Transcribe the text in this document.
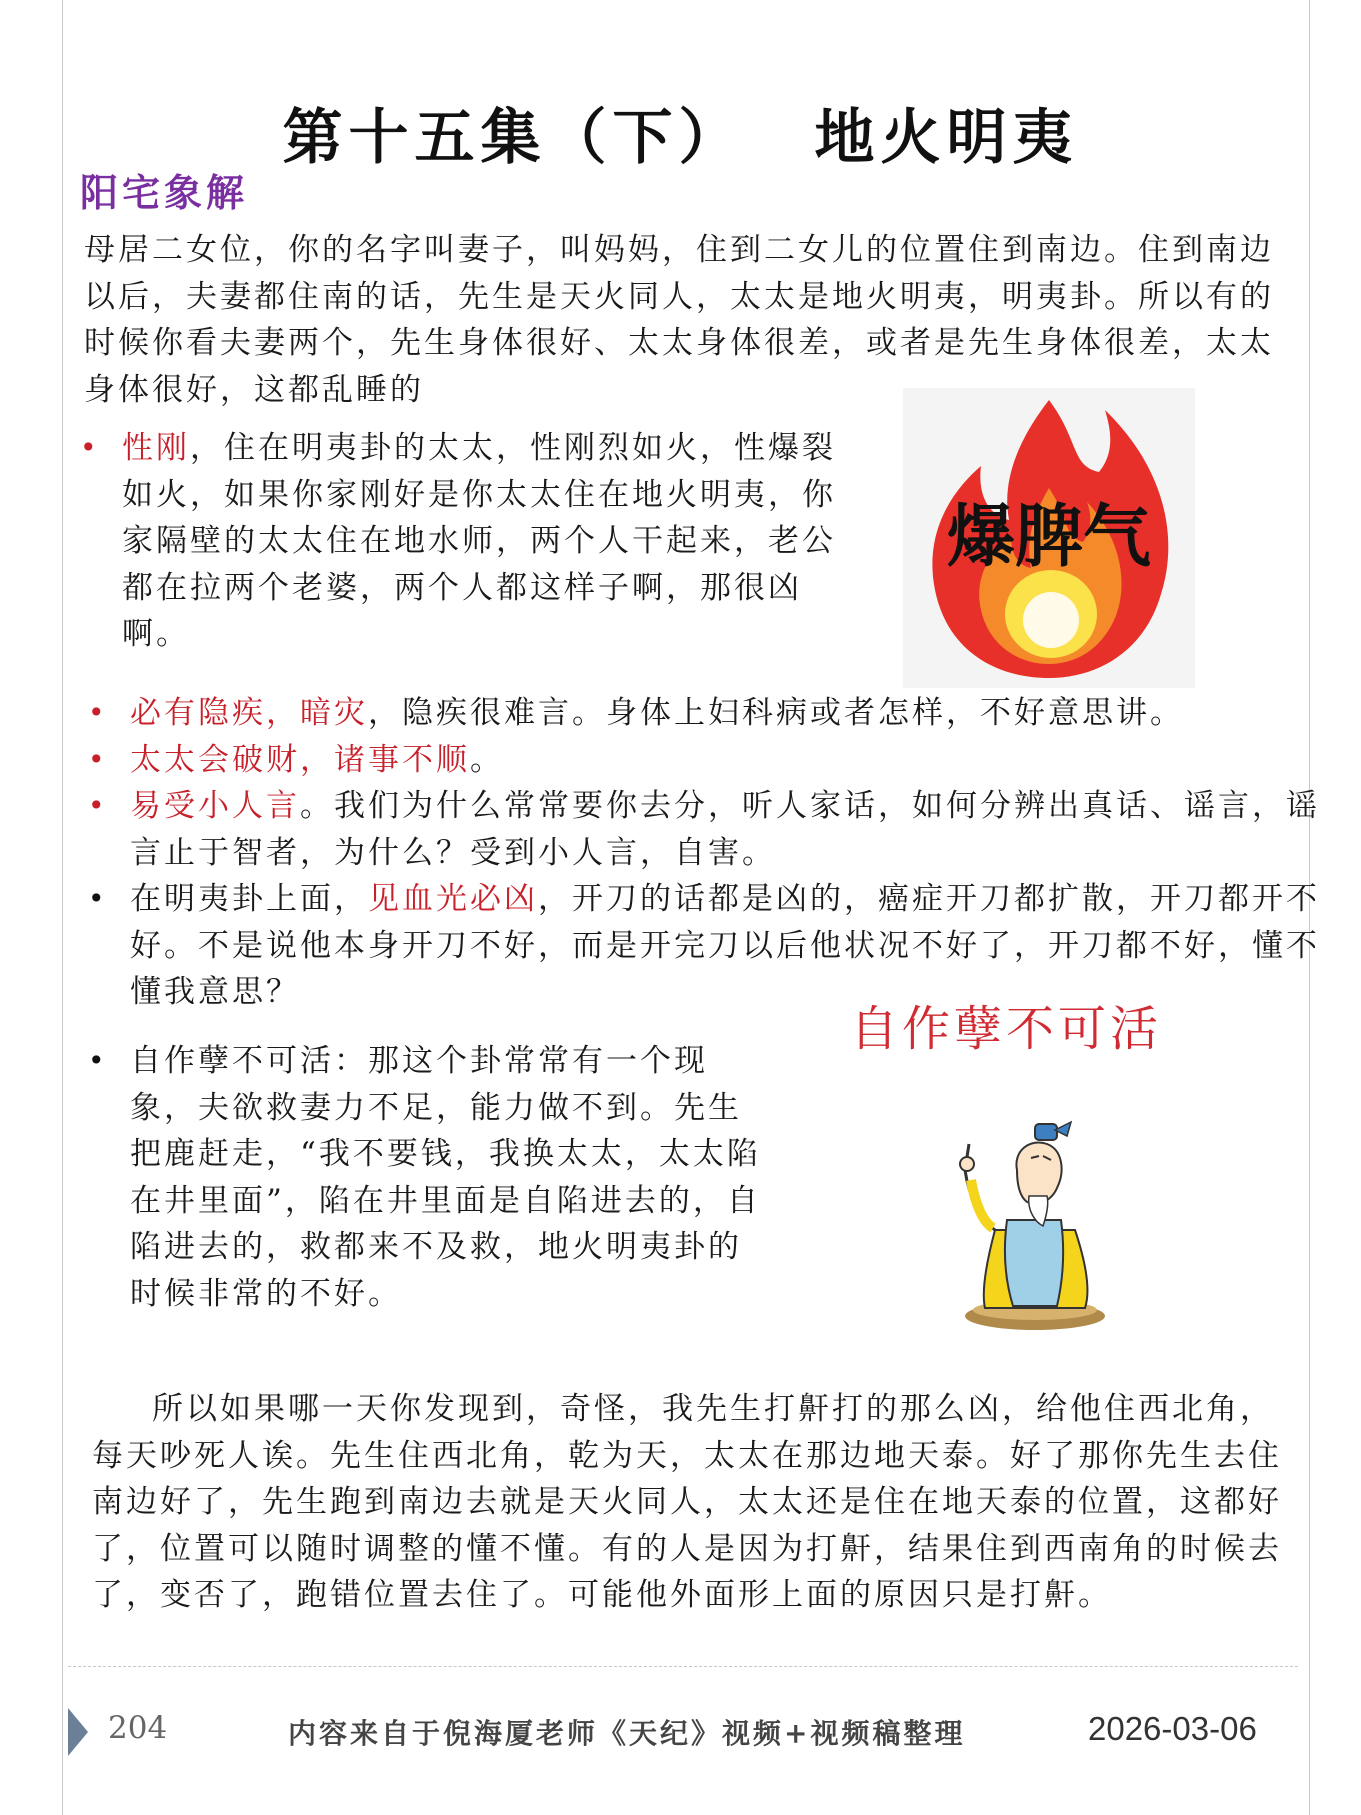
第十五集（下） 地火明夷
阳宅象解

母居二女位，你的名字叫妻子，叫妈妈，住到二女儿的位置住到南边。住到南边以后，夫妻都住南的话，先生是天火同人，太太是地火明夷，明夷卦。所以有的时候你看夫妻两个，先生身体很好、太太身体很差，或者是先生身体很差，太太身体很好，这都乱睡的

• 性刚，住在明夷卦的太太，性刚烈如火，性爆裂如火，如果你家刚好是你太太住在地火明夷，你家隔壁的太太住在地水师，两个人干起来，老公都在拉两个老婆，两个人都这样子啊，那很凶啊。
爆脾气
• 必有隐疾，暗灾，隐疾很难言。身体上妇科病或者怎样，不好意思讲。
• 太太会破财，诸事不顺。
• 易受小人言。我们为什么常常要你去分，听人家话，如何分辨出真话、谣言，谣言止于智者，为什么？受到小人言，自害。
• 在明夷卦上面，见血光必凶，开刀的话都是凶的，癌症开刀都扩散，开刀都开不好。不是说他本身开刀不好，而是开完刀以后他状况不好了，开刀都不好，懂不懂我意思？
自作孽不可活
• 自作孽不可活：那这个卦常常有一个现象，夫欲救妻力不足，能力做不到。先生把鹿赶走，“我不要钱，我换太太，太太陷在井里面”，陷在井里面是自陷进去的，自陷进去的，救都来不及救，地火明夷卦的时候非常的不好。

所以如果哪一天你发现到，奇怪，我先生打鼾打的那么凶，给他住西北角，每天吵死人诶。先生住西北角，乾为天，太太在那边地天泰。好了那你先生去住南边好了，先生跑到南边去就是天火同人，太太还是住在地天泰的位置，这都好了，位置可以随时调整的懂不懂。有的人是因为打鼾，结果住到西南角的时候去了，变否了，跑错位置去住了。可能他外面形上面的原因只是打鼾。

204	内容来自于倪海厦老师《天纪》视频+视频稿整理	2026-03-06
